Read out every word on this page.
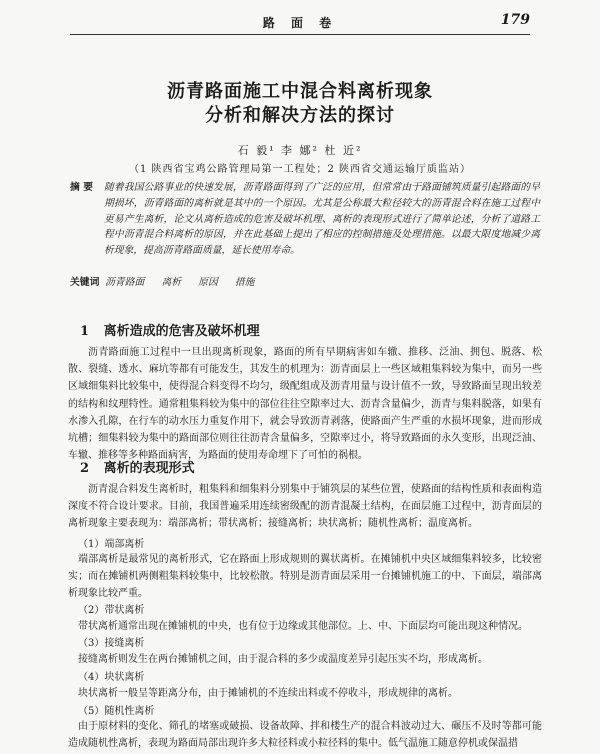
路 面 卷	179
沥青路面施工中混合料离析现象
分析和解决方法的探讨
石 毅¹ 李 娜² 杜 近²
（1 陕西省宝鸡公路管理局第一工程处；2 陕西省交通运输厅质监站）
摘 要 随着我国公路事业的快速发展，沥青路面得到了广泛的应用，但常常由于路面铺筑质量引起路面的早期损坏，沥青路面的离析就是其中的一个原因。尤其是公称最大粒径较大的沥青混合料在施工过程中更易产生离析，论文从离析造成的危害及破坏机理、离析的表现形式进行了简单论述，分析了道路工程中沥青混合料离析的原因，并在此基础上提出了相应的控制措施及处理措施。以最大限度地减少离析现象，提高沥青路面质量，延长使用寿命。
关键词 沥青路面 离析 原因 措施
1 离析造成的危害及破坏机理
沥青路面施工过程中一旦出现离析现象，路面的所有早期病害如车辙、推移、泛油、拥包、脱落、松散、裂缝、透水、麻坑等都有可能发生，其发生的机理为：沥青面层上一些区域粗集料较为集中，而另一些区域细集料比较集中，使得混合料变得不均匀，级配组成及沥青用量与设计值不一致，导致路面呈现出较差的结构和纹理特性。通常粗集料较为集中的部位往往空隙率过大、沥青含量偏少，沥青与集料脱落，如果有水渗入孔隙，在行车的动水压力重复作用下，就会导致沥青剥落，使路面产生严重的水损坏现象，进而形成坑槽；细集料较为集中的路面部位则往往沥青含量偏多，空隙率过小，将导致路面的永久变形，出现泛油、车辙、推移等多种路面病害，为路面的使用寿命埋下了可怕的祸根。
2 离析的表现形式
沥青混合料发生离析时，粗集料和细集料分别集中于铺筑层的某些位置，使路面的结构性质和表面构造深度不符合设计要求。目前，我国普遍采用连续密级配的沥青混凝土结构，在面层施工过程中，沥青面层的离析现象主要表现为：端部离析；带状离析；接缝离析；块状离析；随机性离析；温度离析。
（1）端部离析
端部离析是最常见的离析形式，它在路面上形成规则的翼状离析。在摊铺机中央区域细集料较多，比较密实；而在摊铺机两侧粗集料较集中，比较松散。特别是沥青面层采用一台摊铺机施工的中、下面层，端部离析现象比较严重。
（2）带状离析
带状离析通常出现在摊铺机的中央，也有位于边缘或其他部位。上、中、下面层均可能出现这种情况。
（3）接缝离析
接缝离析则发生在两台摊铺机之间，由于混合料的多少或温度差异引起压实不均，形成离析。
（4）块状离析
块状离析一般呈等距离分布，由于摊铺机的不连续出料或不停收斗，形成规律的离析。
（5）随机性离析
由于原材料的变化、筛孔的堵塞或破损、设备故障、拌和楼生产的混合料波动过大、碾压不及时等都可能造成随机性离析，表现为路面局部出现许多大粒径料或小粒径料的集中。低气温施工随意停机或保温措
